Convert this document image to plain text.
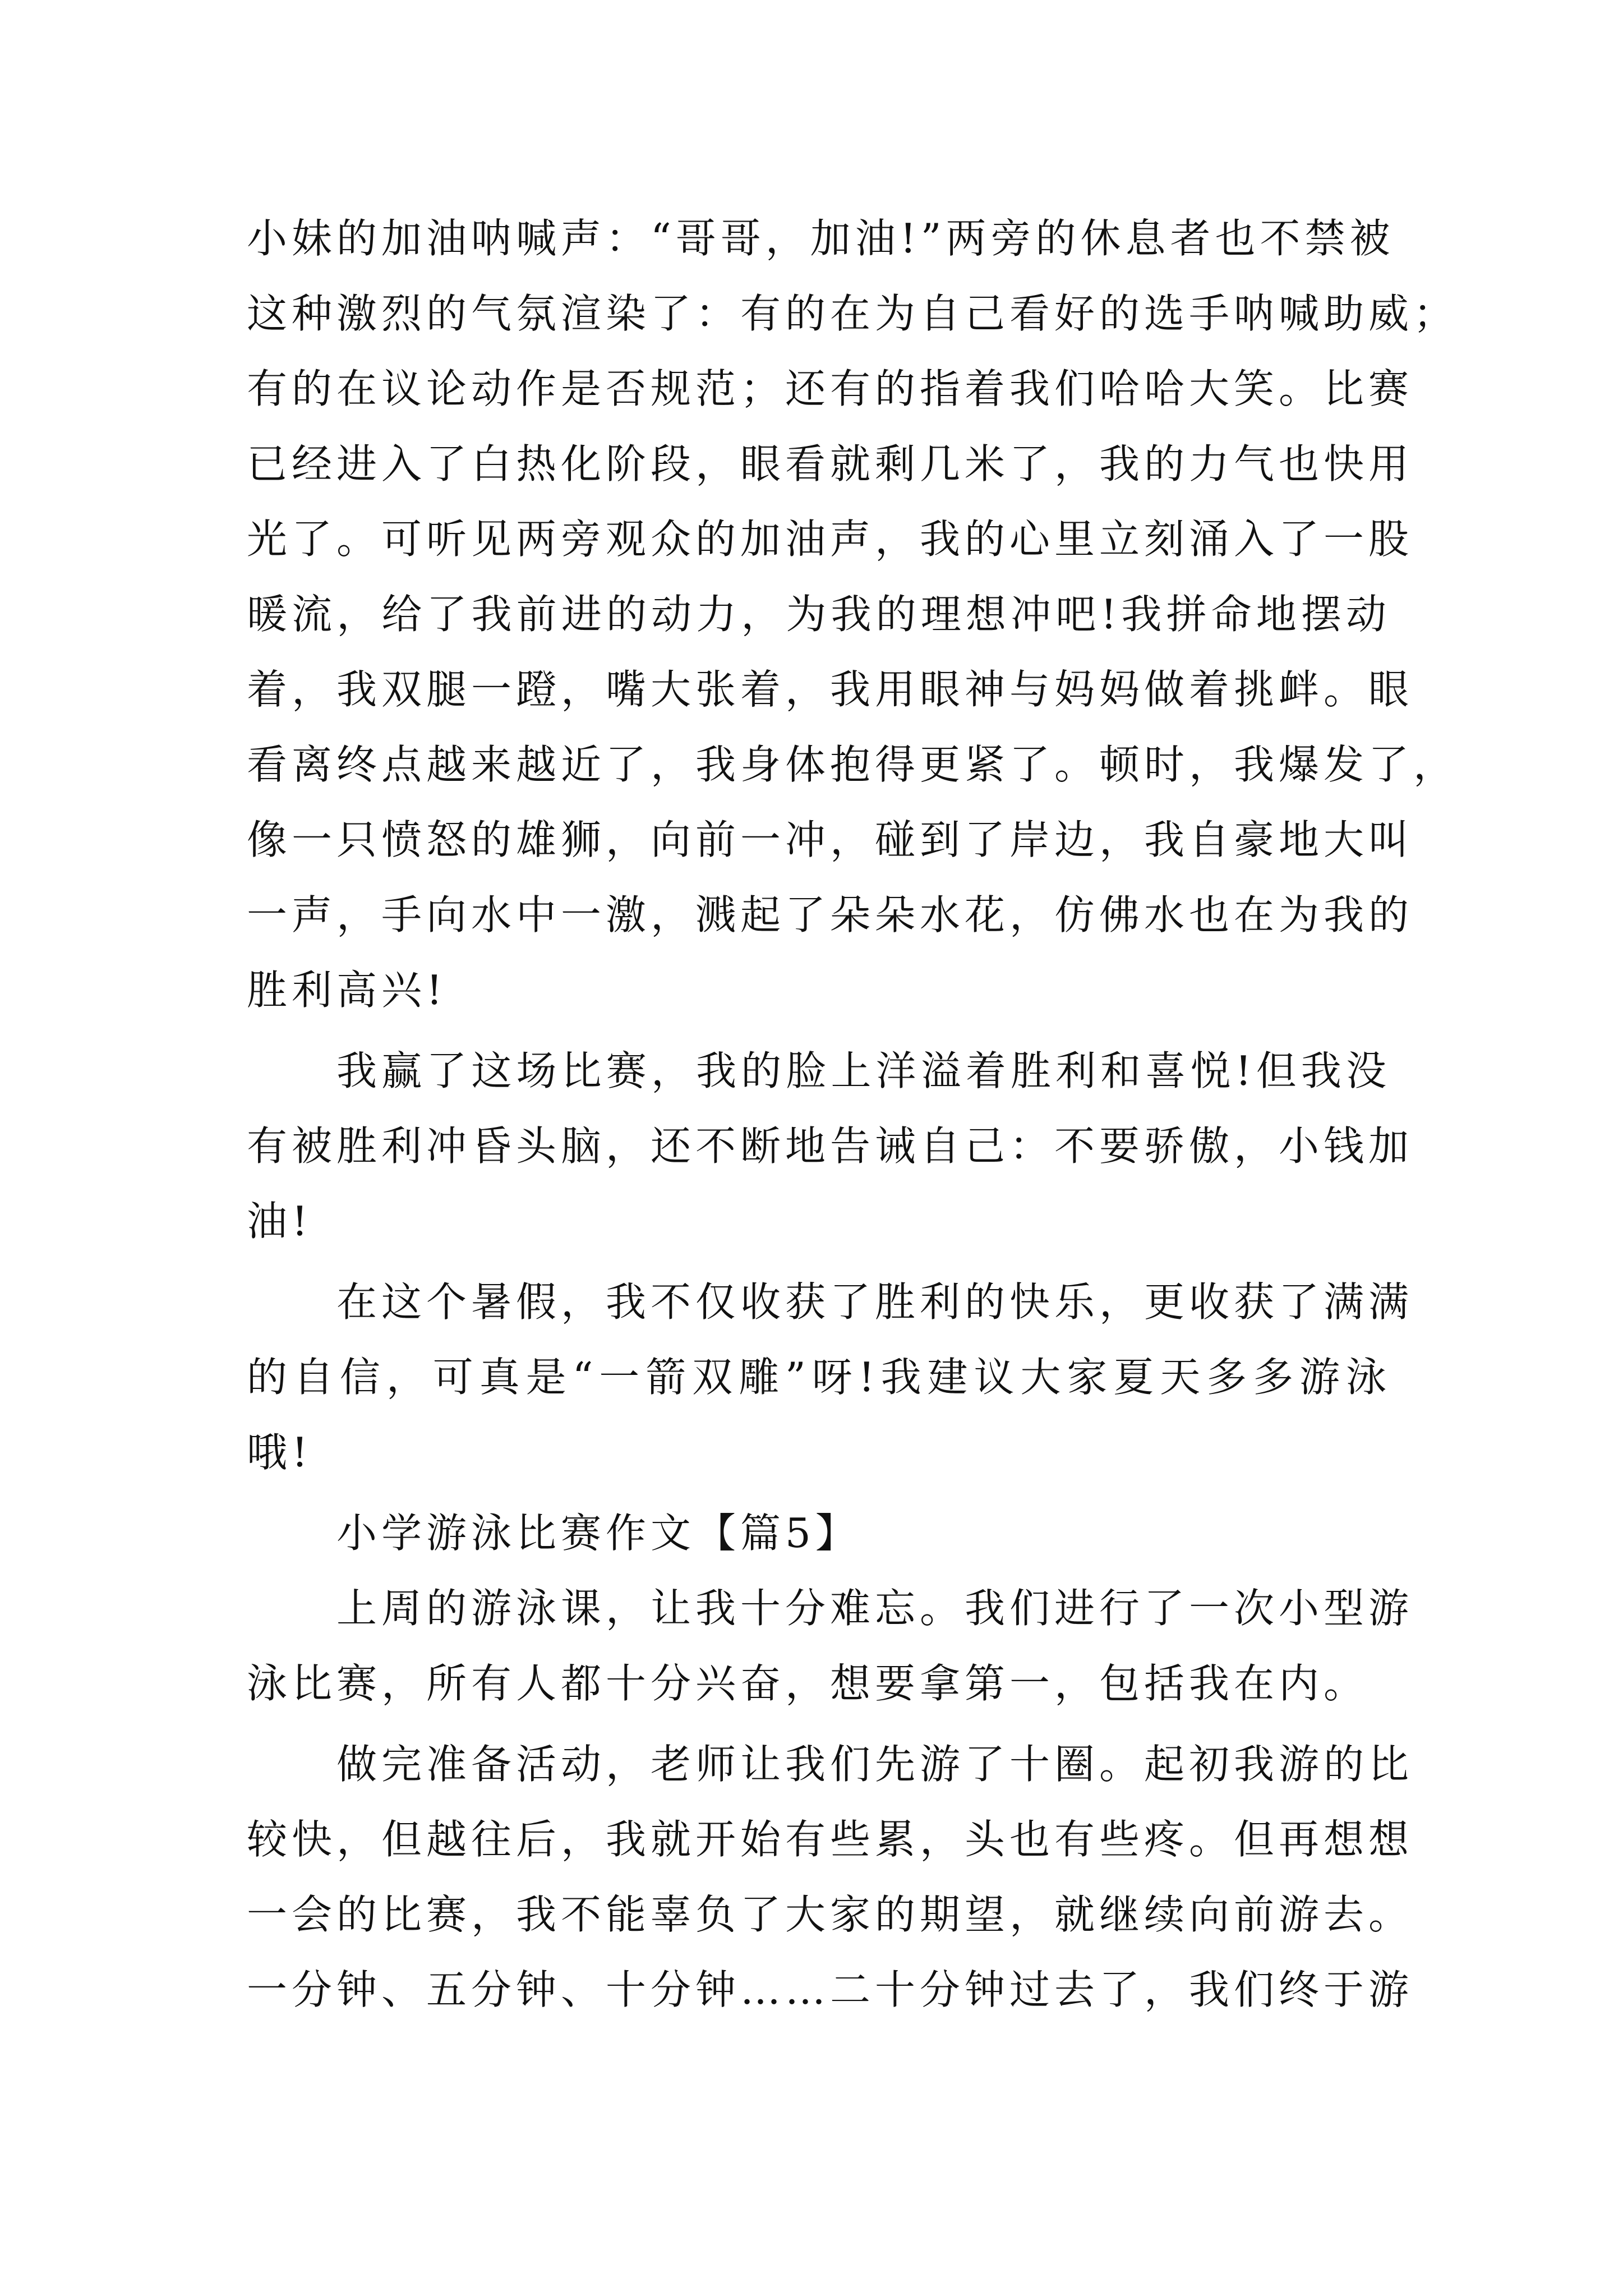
小妹的加油呐喊声：“哥哥，加油!”两旁的休息者也不禁被
这种激烈的气氛渲染了：有的在为自己看好的选手呐喊助威；
有的在议论动作是否规范；还有的指着我们哈哈大笑。比赛
已经进入了白热化阶段，眼看就剩几米了，我的力气也快用
光了。可听见两旁观众的加油声，我的心里立刻涌入了一股
暖流，给了我前进的动力，为我的理想冲吧!我拼命地摆动
着，我双腿一蹬，嘴大张着，我用眼神与妈妈做着挑衅。眼
看离终点越来越近了，我身体抱得更紧了。顿时，我爆发了，
像一只愤怒的雄狮，向前一冲，碰到了岸边，我自豪地大叫
一声，手向水中一激，溅起了朵朵水花，仿佛水也在为我的
胜利高兴!
我赢了这场比赛，我的脸上洋溢着胜利和喜悦!但我没
有被胜利冲昏头脑，还不断地告诫自己：不要骄傲，小钱加
油!
在这个暑假，我不仅收获了胜利的快乐，更收获了满满
的自信，可真是“一箭双雕”呀!我建议大家夏天多多游泳
哦!
小学游泳比赛作文【篇5】
上周的游泳课，让我十分难忘。我们进行了一次小型游
泳比赛，所有人都十分兴奋，想要拿第一，包括我在内。
做完准备活动，老师让我们先游了十圈。起初我游的比
较快，但越往后，我就开始有些累，头也有些疼。但再想想
一会的比赛，我不能辜负了大家的期望，就继续向前游去。
一分钟、五分钟、十分钟……二十分钟过去了，我们终于游
